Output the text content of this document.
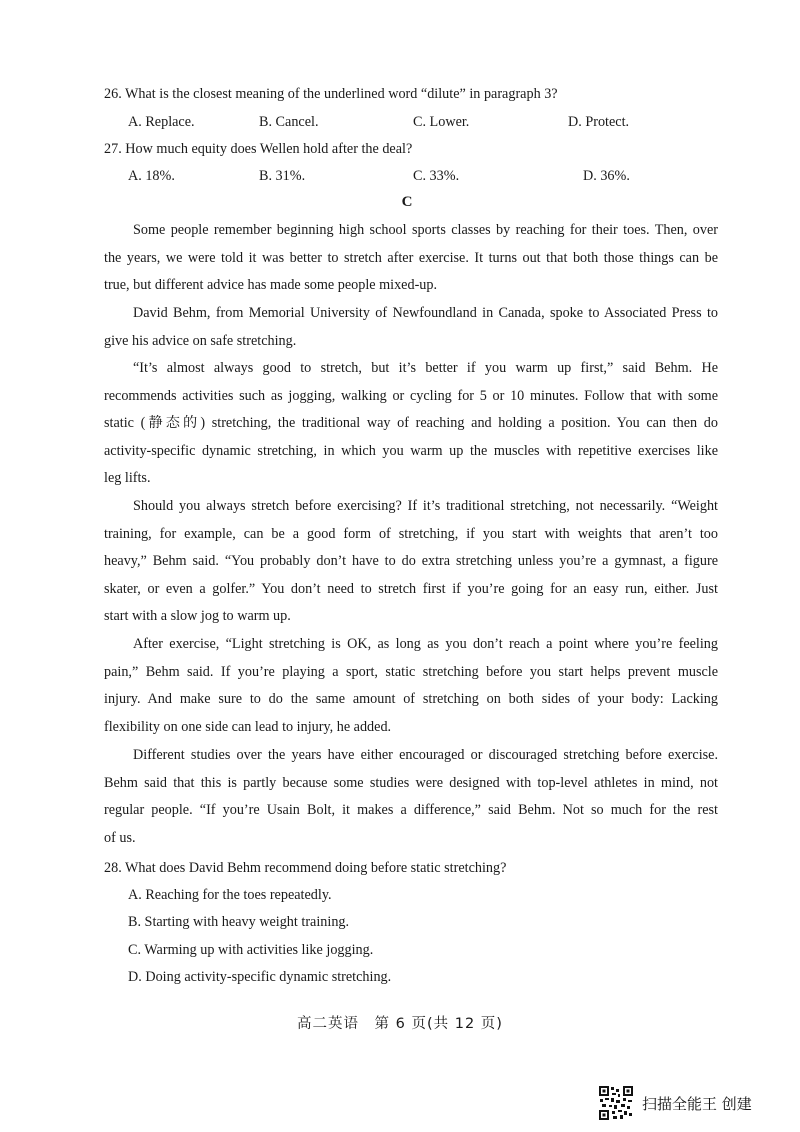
26. What is the closest meaning of the underlined word “dilute” in paragraph 3?
A. Replace.	B. Cancel.	C. Lower.	D. Protect.
27. How much equity does Wellen hold after the deal?
A. 18%.	B. 31%.	C. 33%.	D. 36%.
C
Some people remember beginning high school sports classes by reaching for their toes. Then, over
the years, we were told it was better to stretch after exercise. It turns out that both those things can be
true, but different advice has made some people mixed-up.
David Behm, from Memorial University of Newfoundland in Canada, spoke to Associated Press to
give his advice on safe stretching.
“It’s almost always good to stretch, but it’s better if you warm up first,” said Behm. He
recommends activities such as jogging, walking or cycling for 5 or 10 minutes. Follow that with some
static (静态的) stretching, the traditional way of reaching and holding a position. You can then do
activity-specific dynamic stretching, in which you warm up the muscles with repetitive exercises like
leg lifts.
Should you always stretch before exercising? If it’s traditional stretching, not necessarily. “Weight
training, for example, can be a good form of stretching, if you start with weights that aren’t too
heavy,” Behm said. “You probably don’t have to do extra stretching unless you’re a gymnast, a figure
skater, or even a golfer.” You don’t need to stretch first if you’re going for an easy run, either. Just
start with a slow jog to warm up.
After exercise, “Light stretching is OK, as long as you don’t reach a point where you’re feeling
pain,” Behm said. If you’re playing a sport, static stretching before you start helps prevent muscle
injury. And make sure to do the same amount of stretching on both sides of your body: Lacking
flexibility on one side can lead to injury, he added.
Different studies over the years have either encouraged or discouraged stretching before exercise.
Behm said that this is partly because some studies were designed with top-level athletes in mind, not
regular people. “If you’re Usain Bolt, it makes a difference,” said Behm. Not so much for the rest
of us.
28. What does David Behm recommend doing before static stretching?
A. Reaching for the toes repeatedly.
B. Starting with heavy weight training.
C. Warming up with activities like jogging.
D. Doing activity-specific dynamic stretching.
高二英语　第 6 页(共 12 页)
扫描全能王 创建
